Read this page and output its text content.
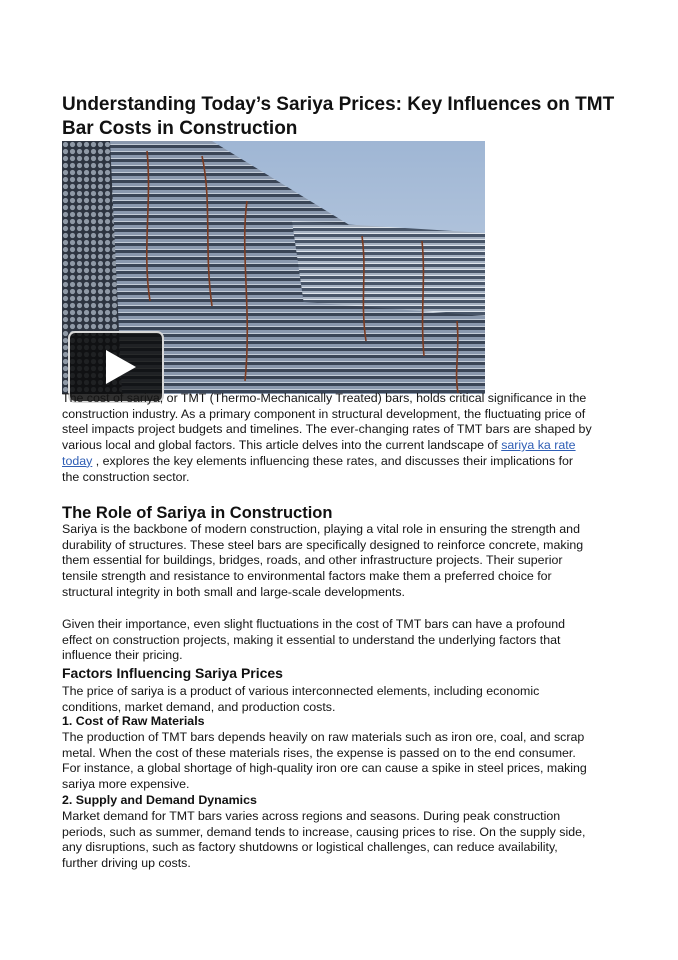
Understanding Today’s Sariya Prices: Key Influences on TMT Bar Costs in Construction

The cost of sariya, or TMT (Thermo-Mechanically Treated) bars, holds critical significance in the construction industry. As a primary component in structural development, the fluctuating price of steel impacts project budgets and timelines. The ever-changing rates of TMT bars are shaped by various local and global factors. This article delves into the current landscape of sariya ka rate today , explores the key elements influencing these rates, and discusses their implications for the construction sector.

The Role of Sariya in Construction

Sariya is the backbone of modern construction, playing a vital role in ensuring the strength and durability of structures. These steel bars are specifically designed to reinforce concrete, making them essential for buildings, bridges, roads, and other infrastructure projects. Their superior tensile strength and resistance to environmental factors make them a preferred choice for structural integrity in both small and large-scale developments.

Given their importance, even slight fluctuations in the cost of TMT bars can have a profound effect on construction projects, making it essential to understand the underlying factors that influence their pricing.

Factors Influencing Sariya Prices

The price of sariya is a product of various interconnected elements, including economic conditions, market demand, and production costs.

1. Cost of Raw Materials

The production of TMT bars depends heavily on raw materials such as iron ore, coal, and scrap metal. When the cost of these materials rises, the expense is passed on to the end consumer. For instance, a global shortage of high-quality iron ore can cause a spike in steel prices, making sariya more expensive.

2. Supply and Demand Dynamics

Market demand for TMT bars varies across regions and seasons. During peak construction periods, such as summer, demand tends to increase, causing prices to rise. On the supply side, any disruptions, such as factory shutdowns or logistical challenges, can reduce availability, further driving up costs.
